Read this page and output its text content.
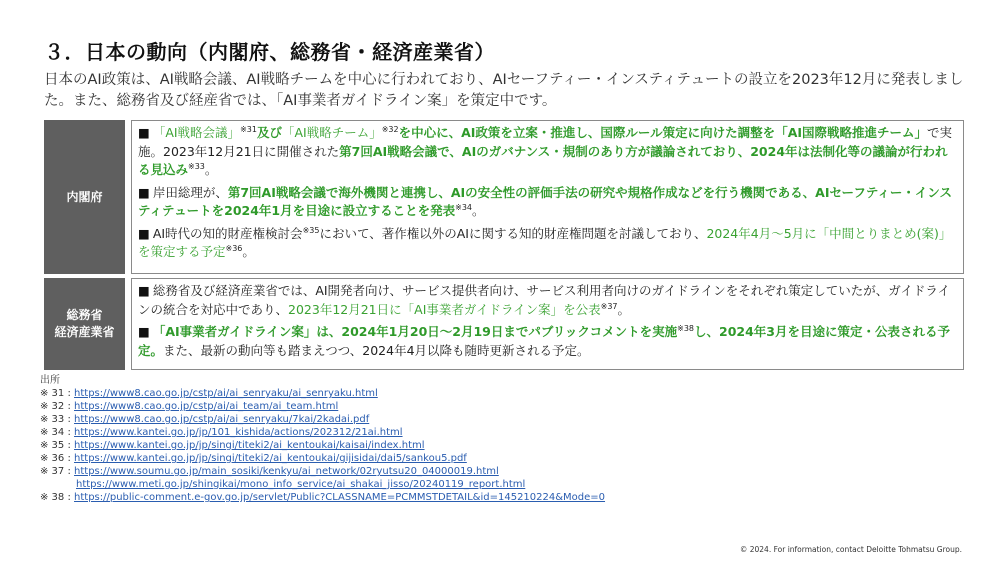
３．日本の動向（内閣府、総務省・経済産業省）
日本のAI政策は、AI戦略会議、AI戦略チームを中心に行われており、AIセーフティー・インスティテュートの設立を2023年12月に発表しました。また、総務省及び経産省では、「AI事業者ガイドライン案」を策定中です。
内閣府
■ 「AI戦略会議」$^{※31}$及び「AI戦略チーム」$^{※32}$を中心に、AI政策を立案・推進し、国際ルール策定に向けた調整を「AI国際戦略推進チーム」で実施。2023年12月21日に開催された第7回AI戦略会議で、AIのガバナンス・規制のあり方が議論されており、2024年は法制化等の議論が行われる見込み$^{※33}$。
■ 岸田総理が、第7回AI戦略会議で海外機関と連携し、AIの安全性の評価手法の研究や規格作成などを行う機関である、AIセーフティー・インスティテュートを2024年1月を目途に設立することを発表$^{※34}$。
■ AI時代の知的財産権検討会$^{※35}$において、著作権以外のAIに関する知的財産権問題を討議しており、2024年4月～5月に「中間とりまとめ(案)」を策定する予定$^{※36}$。
総務省
経済産業省
■ 総務省及び経済産業省では、AI開発者向け、サービス提供者向け、サービス利用者向けのガイドラインをそれぞれ策定していたが、ガイドラインの統合を対応中であり、2023年12月21日に「AI事業者ガイドライン案」を公表$^{※37}$。
■ 「AI事業者ガイドライン案」は、2024年1月20日～2月19日までパブリックコメントを実施$^{※38}$し、2024年3月を目途に策定・公表される予定。また、最新の動向等も踏まえつつ、2024年4月以降も随時更新される予定。
出所
※ 31 : https://www8.cao.go.jp/cstp/ai/ai_senryaku/ai_senryaku.html
※ 32 : https://www8.cao.go.jp/cstp/ai/ai_team/ai_team.html
※ 33 : https://www8.cao.go.jp/cstp/ai/ai_senryaku/7kai/2kadai.pdf
※ 34 : https://www.kantei.go.jp/jp/101_kishida/actions/202312/21ai.html
※ 35 : https://www.kantei.go.jp/jp/singi/titeki2/ai_kentoukai/kaisai/index.html
※ 36 : https://www.kantei.go.jp/jp/singi/titeki2/ai_kentoukai/gijisidai/dai5/sankou5.pdf
※ 37 : https://www.soumu.go.jp/main_sosiki/kenkyu/ai_network/02ryutsu20_04000019.html
https://www.meti.go.jp/shingikai/mono_info_service/ai_shakai_jisso/20240119_report.html
※ 38 : https://public-comment.e-gov.go.jp/servlet/Public?CLASSNAME=PCMMSTDETAIL&id=145210224&Mode=0
© 2024. For information, contact Deloitte Tohmatsu Group.
